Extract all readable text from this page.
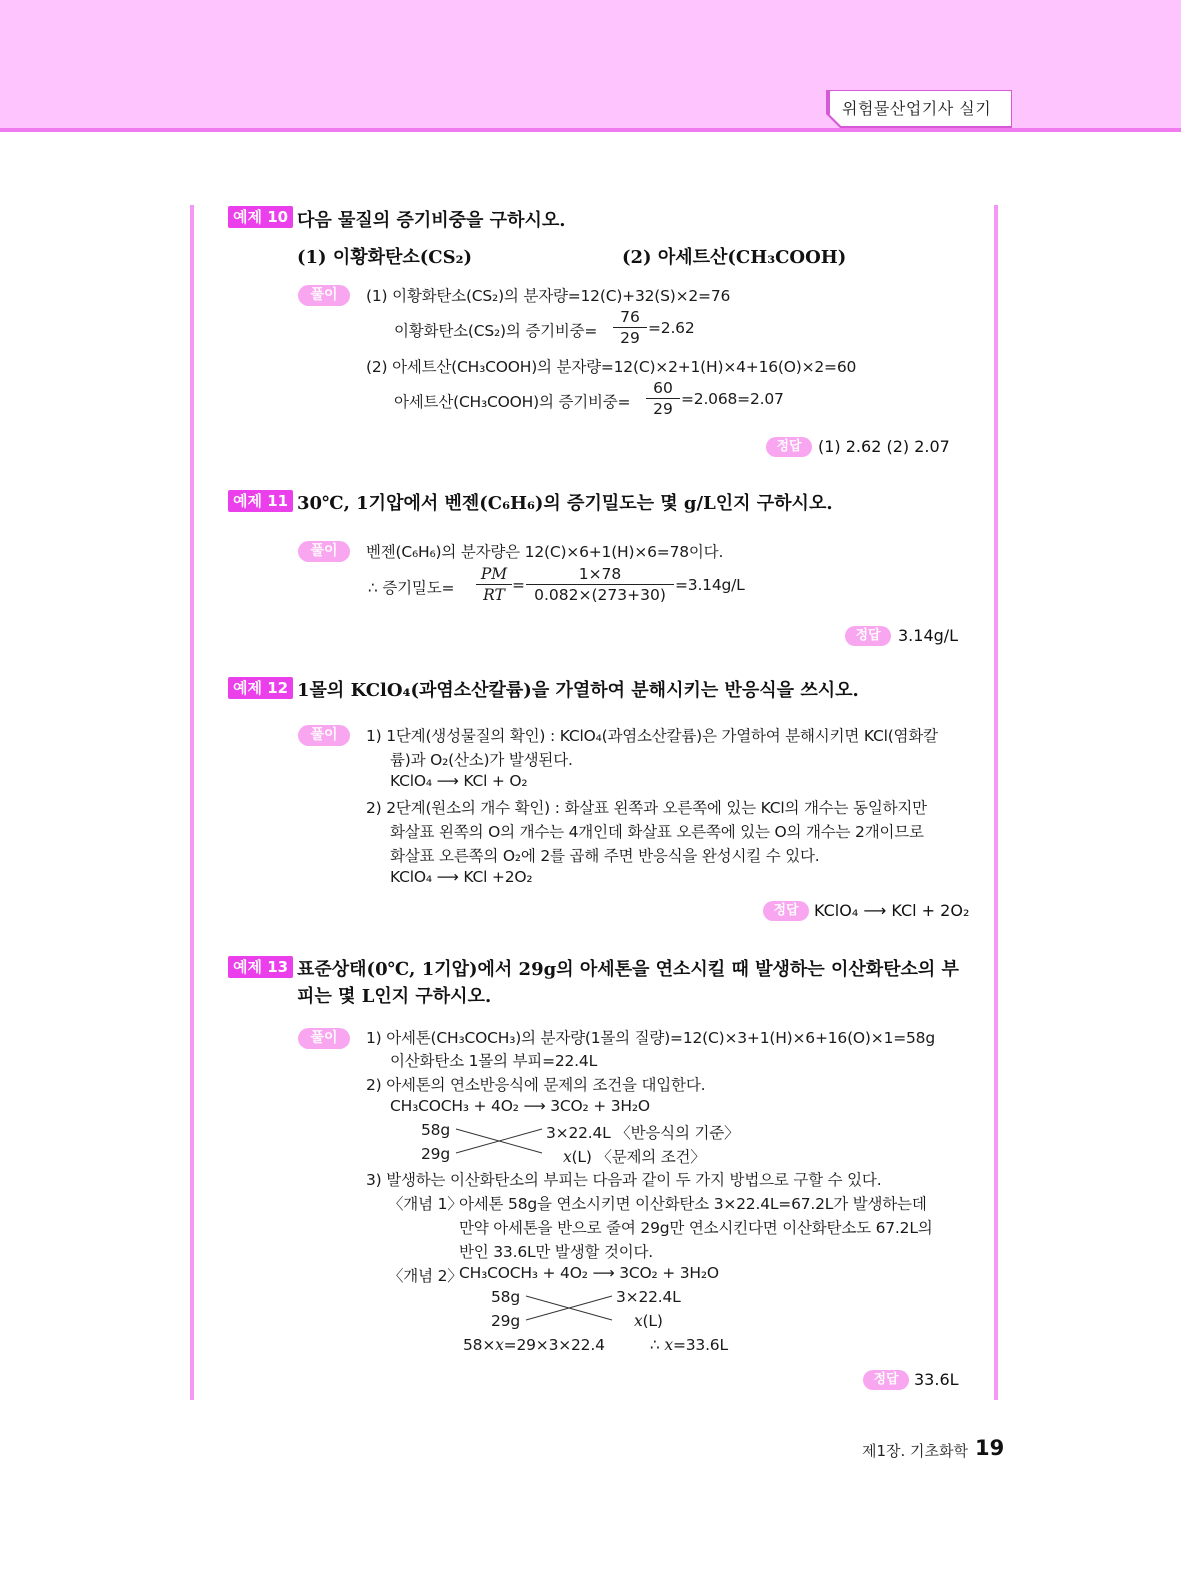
위험물산업기사 실기
예제 10 다음 물질의 증기비중을 구하시오.
(1) 이황화탄소(CS₂)	(2) 아세트산(CH₃COOH)
풀이	(1) 이황화탄소(CS₂)의 분자량=12(C)+32(S)×2=76
이황화탄소(CS₂)의 증기비중= $\frac{76}{29} =2.62$
(2) 아세트산(CH₃COOH)의 분자량=12(C)×2+1(H)×4+16(O)×2=60
아세트산(CH₃COOH)의 증기비중= $\frac{60}{29} =2.068=2.07$
정답	(1) 2.62 (2) 2.07
예제 11 30℃, 1기압에서 벤젠(C₆H₆)의 증기밀도는 몇 g/L인지 구하시오.
풀이	벤젠(C₆H₆)의 분자량은 12(C)×6+1(H)×6=78이다.
∴ 증기밀도= $\frac{PM}{RT} = \frac{1\times 78}{0.082\times(273+30)} =3.14g/L$
정답	3.14g/L
예제 12 1몰의 KClO₄(과염소산칼륨)을 가열하여 분해시키는 반응식을 쓰시오.
풀이	1) 1단계(생성물질의 확인) : KClO₄(과염소산칼륨)은 가열하여 분해시키면 KCl(염화칼
륨)과 O₂(산소)가 발생된다.
KClO₄ ⟶ KCl + O₂
2) 2단계(원소의 개수 확인) : 화살표 왼쪽과 오른쪽에 있는 KCl의 개수는 동일하지만
화살표 왼쪽의 O의 개수는 4개인데 화살표 오른쪽에 있는 O의 개수는 2개이므로
화살표 오른쪽의 O₂에 2를 곱해 주면 반응식을 완성시킬 수 있다.
KClO₄ ⟶ KCl +2O₂
정답 KClO₄ ⟶ KCl + 2O₂
예제 13 표준상태(0℃, 1기압)에서 29g의 아세톤을 연소시킬 때 발생하는 이산화탄소의 부
피는 몇 L인지 구하시오.
풀이	1) 아세톤(CH₃COCH₃)의 분자량(1몰의 질량)=12(C)×3+1(H)×6+16(O)×1=58g
이산화탄소 1몰의 부피=22.4L
2) 아세톤의 연소반응식에 문제의 조건을 대입한다.
CH₃COCH₃ + 4O₂ ⟶ 3CO₂ + 3H₂O
58g	3×22.4L 〈반응식의 기준〉
29g	x(L) 〈문제의 조건〉
3) 발생하는 이산화탄소의 부피는 다음과 같이 두 가지 방법으로 구할 수 있다.
〈개념 1〉
아세톤 58g을 연소시키면 이산화탄소 3×22.4L=67.2L가 발생하는데
만약 아세톤을 반으로 줄여 29g만 연소시킨다면 이산화탄소도 67.2L의
반인 33.6L만 발생할 것이다.
〈개념 2〉
CH₃COCH₃ + 4O₂ ⟶ 3CO₂ + 3H₂O
58g	3×22.4L
29g	x(L)
58×x=29×3×22.4	∴ x=33.6L
정답 33.6L
제1장. 기초화학 19
